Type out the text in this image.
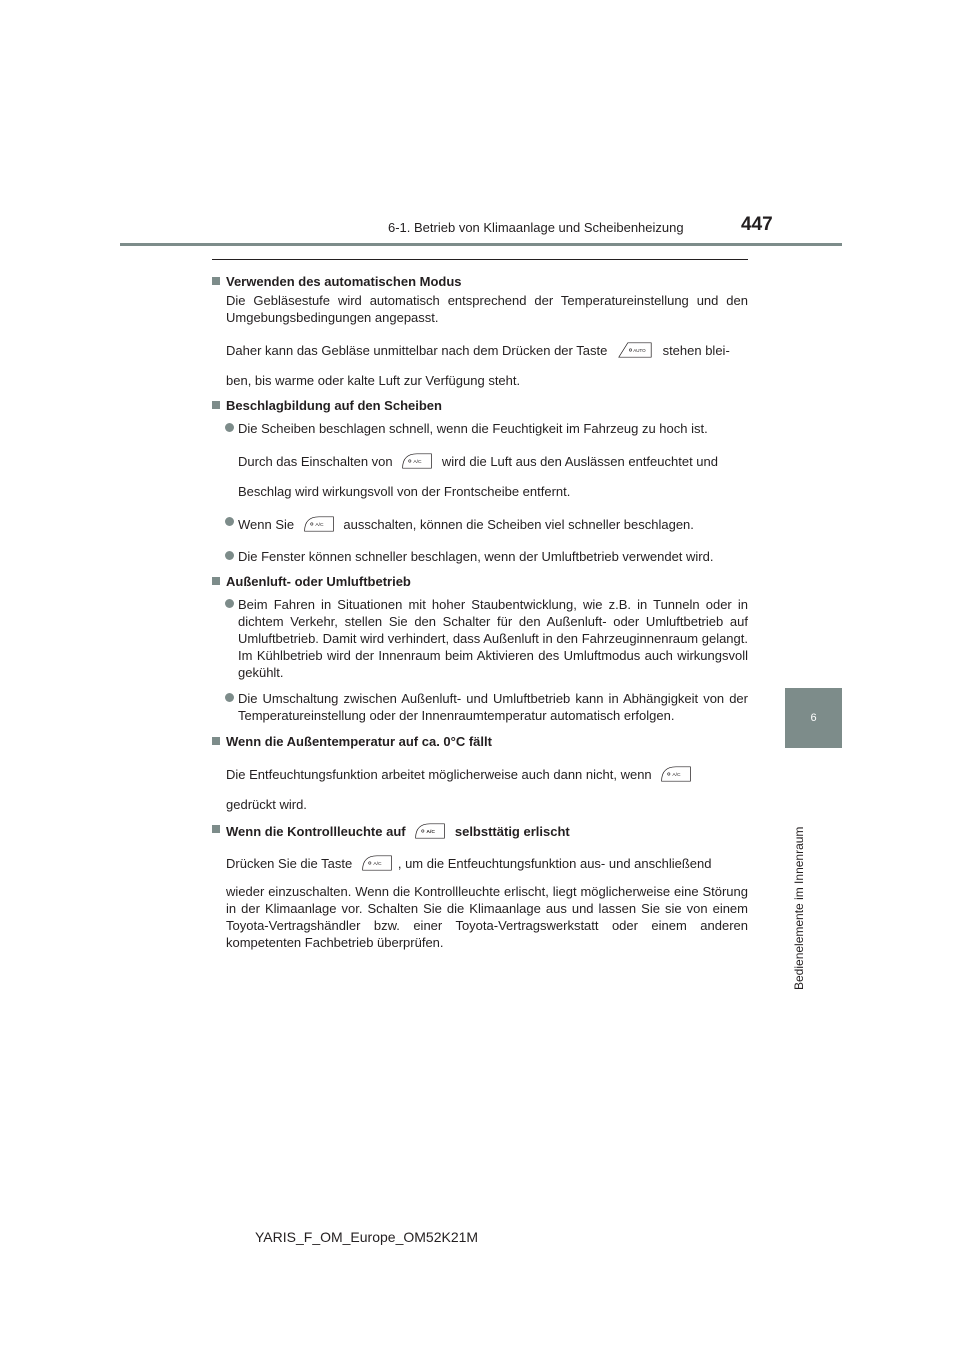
6-1. Betrieb von Klimaanlage und Scheibenheizung	447
6
Bedienelemente im Innenraum
Verwenden des automatischen Modus
Die Gebläsestufe wird automatisch entsprechend der Temperatureinstellung und den Umgebungsbedingungen angepasst.
Daher kann das Gebläse unmittelbar nach dem Drücken der Taste	AUTO stehen blei-
ben, bis warme oder kalte Luft zur Verfügung steht.
Beschlagbildung auf den Scheiben
Die Scheiben beschlagen schnell, wenn die Feuchtigkeit im Fahrzeug zu hoch ist.
Durch das Einschalten von	A/C wird die Luft aus den Auslässen entfeuchtet und
Beschlag wird wirkungsvoll von der Frontscheibe entfernt.
Wenn Sie	A/C ausschalten, können die Scheiben viel schneller beschlagen.
Die Fenster können schneller beschlagen, wenn der Umluftbetrieb verwendet wird.
Außenluft- oder Umluftbetrieb
Beim Fahren in Situationen mit hoher Staubentwicklung, wie z.B. in Tunneln oder in dichtem Verkehr, stellen Sie den Schalter für den Außenluft- oder Umluftbetrieb auf Umluftbetrieb. Damit wird verhindert, dass Außenluft in den Fahrzeuginnenraum gelangt. Im Kühlbetrieb wird der Innenraum beim Aktivieren des Umluftmodus auch wirkungsvoll gekühlt.
Die Umschaltung zwischen Außenluft- und Umluftbetrieb kann in Abhängigkeit von der Temperatureinstellung oder der Innenraumtemperatur automatisch erfolgen.
Wenn die Außentemperatur auf ca. 0°C fällt
Die Entfeuchtungsfunktion arbeitet möglicherweise auch dann nicht, wenn	A/C
gedrückt wird.
Wenn die Kontrollleuchte auf	A/C selbsttätig erlischt
Drücken Sie die Taste	A/C , um die Entfeuchtungsfunktion aus- und anschließend
wieder einzuschalten. Wenn die Kontrollleuchte erlischt, liegt möglicherweise eine Störung in der Klimaanlage vor. Schalten Sie die Klimaanlage aus und lassen Sie sie von einem Toyota-Vertragshändler bzw. einer Toyota-Vertragswerkstatt oder einem anderen kompetenten Fachbetrieb überprüfen.
YARIS_F_OM_Europe_OM52K21M
